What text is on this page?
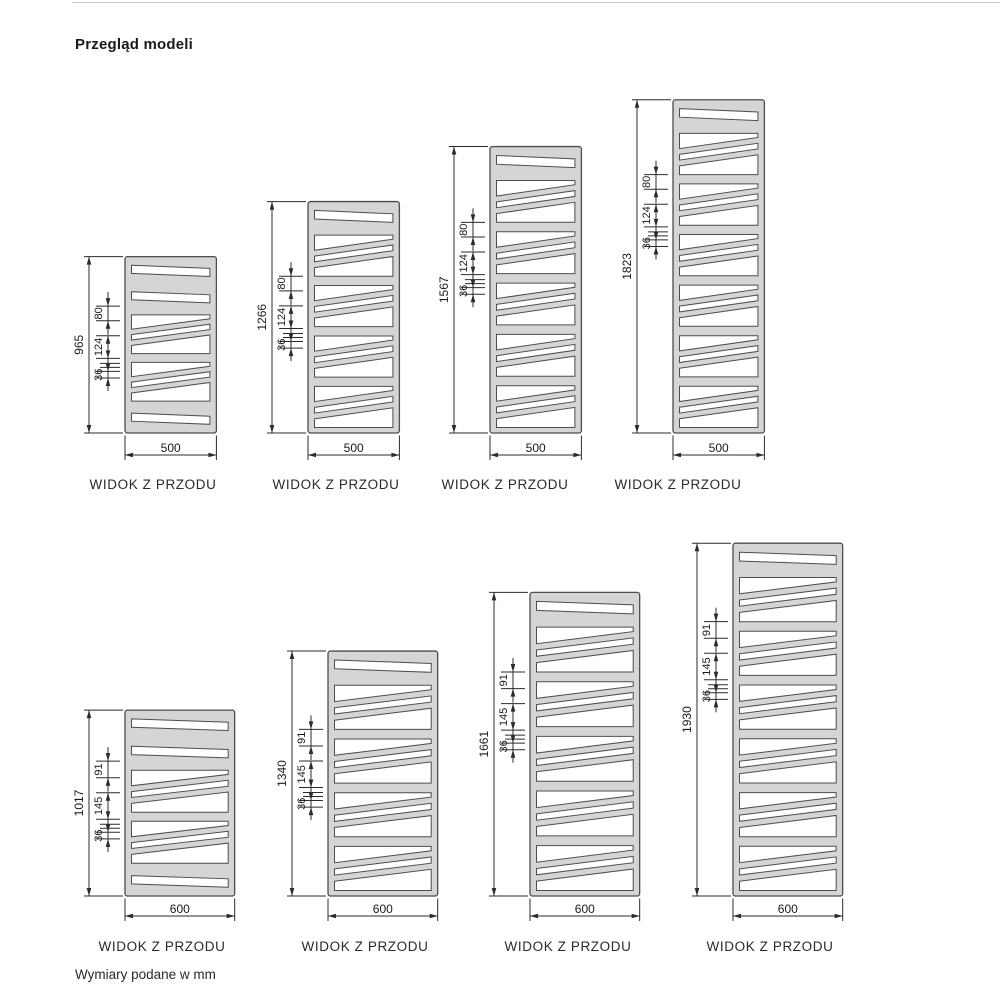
Przegląd modeli
965
80
124
36
500
1266
80
124
36
500
1567
80
124
36
500
1823
80
124
36
500
1017
91
145
36
600
1340
91
145
36
600
1661
91
145
36
600
1930
91
145
36
600
WIDOK Z PRZODU	WIDOK Z PRZODU	WIDOK Z PRZODU	WIDOK Z PRZODU
WIDOK Z PRZODU	WIDOK Z PRZODU	WIDOK Z PRZODU	WIDOK Z PRZODU
Wymiary podane w mm
